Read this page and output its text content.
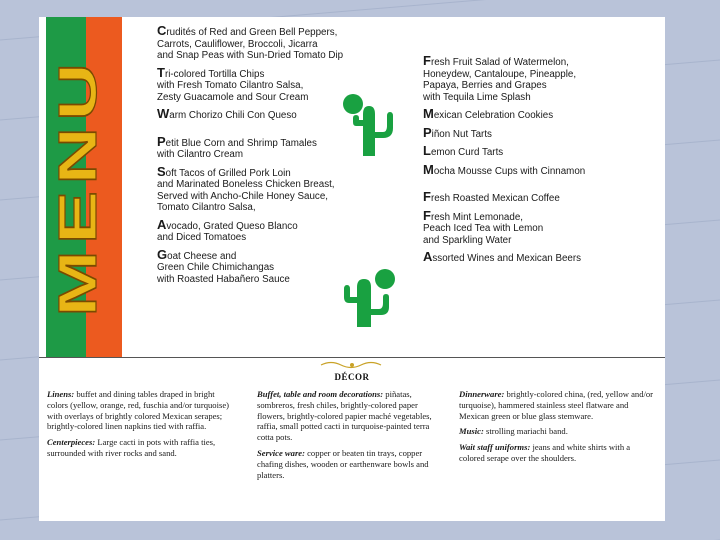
MENU

Crudités of Red and Green Bell Peppers,
Carrots, Cauliflower, Broccoli, Jicarra
and Snap Peas with Sun-Dried Tomato Dip

Tri-colored Tortilla Chips
with Fresh Tomato Cilantro Salsa,
Zesty Guacamole and Sour Cream

Warm Chorizo Chili Con Queso

Petit Blue Corn and Shrimp Tamales
with Cilantro Cream

Soft Tacos of Grilled Pork Loin
and Marinated Boneless Chicken Breast,
Served with Ancho-Chile Honey Sauce,
Tomato Cilantro Salsa,

Avocado, Grated Queso Blanco
and Diced Tomatoes

Goat Cheese and
Green Chile Chimichangas
with Roasted Habañero Sauce

Fresh Fruit Salad of Watermelon,
Honeydew, Cantaloupe, Pineapple,
Papaya, Berries and Grapes
with Tequila Lime Splash

Mexican Celebration Cookies

Piñon Nut Tarts

Lemon Curd Tarts

Mocha Mousse Cups with Cinnamon

Fresh Roasted Mexican Coffee

Fresh Mint Lemonade,
Peach Iced Tea with Lemon
and Sparkling Water

Assorted Wines and Mexican Beers

DÉCOR

Linens: buffet and dining tables draped in bright colors (yellow, orange, red, fuschia and/or turquoise) with overlays of brightly colored Mexican serapes; brightly-colored linen napkins tied with raffia.

Centerpieces: Large cacti in pots with raffia ties, surrounded with river rocks and sand.

Buffet, table and room decorations: piñatas, sombreros, fresh chiles, brightly-colored paper flowers, brightly-colored papier maché vegetables, raffia, small potted cacti in turquoise-painted terra cotta pots.

Service ware: copper or beaten tin trays, copper chafing dishes, wooden or earthenware bowls and platters.

Dinnerware: brightly-colored china, (red, yellow and/or turquoise), hammered stainless steel flatware and Mexican green or blue glass stemware.

Music: strolling mariachi band.

Wait staff uniforms: jeans and white shirts with a colored serape over the shoulders.
